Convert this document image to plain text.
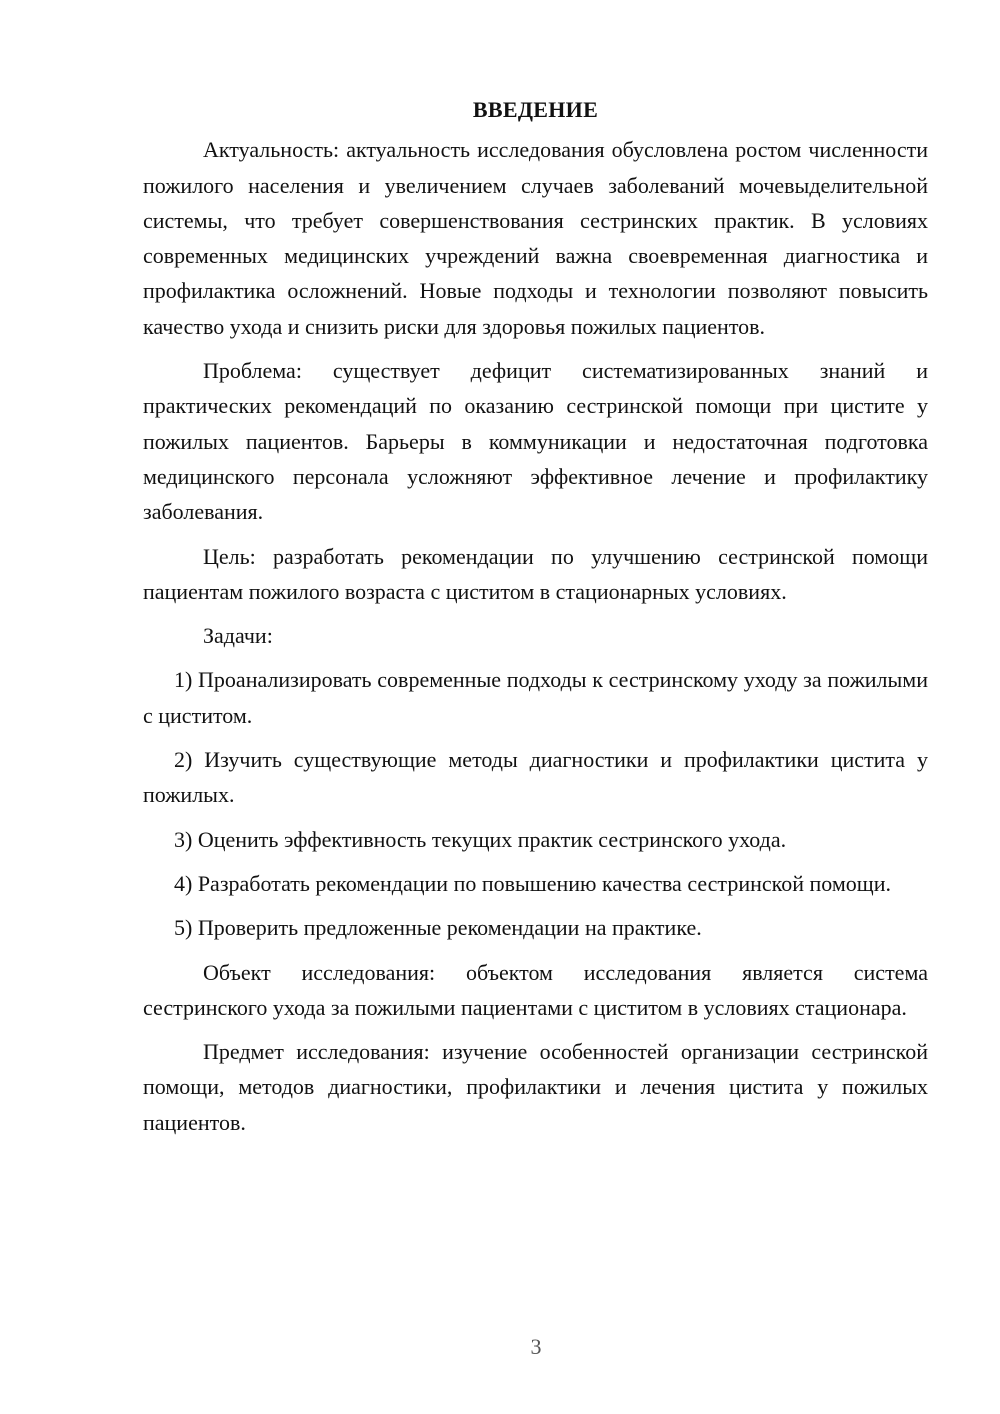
ВВЕДЕНИЕ

Актуальность: актуальность исследования обусловлена ростом численности пожилого населения и увеличением случаев заболеваний мочевыделительной системы, что требует совершенствования сестринских практик. В условиях современных медицинских учреждений важна своевременная диагностика и профилактика осложнений. Новые подходы и технологии позволяют повысить качество ухода и снизить риски для здоровья пожилых пациентов.

Проблема: существует дефицит систематизированных знаний и практических рекомендаций по оказанию сестринской помощи при цистите у пожилых пациентов. Барьеры в коммуникации и недостаточная подготовка медицинского персонала усложняют эффективное лечение и профилактику заболевания.

Цель: разработать рекомендации по улучшению сестринской помощи пациентам пожилого возраста с циститом в стационарных условиях.

Задачи:

1) Проанализировать современные подходы к сестринскому уходу за пожилыми с циститом.

2) Изучить существующие методы диагностики и профилактики цистита у пожилых.

3) Оценить эффективность текущих практик сестринского ухода.

4) Разработать рекомендации по повышению качества сестринской помощи.

5) Проверить предложенные рекомендации на практике.

Объект исследования: объектом исследования является система сестринского ухода за пожилыми пациентами с циститом в условиях стационара.

Предмет исследования: изучение особенностей организации сестринской помощи, методов диагностики, профилактики и лечения цистита у пожилых пациентов.

3
